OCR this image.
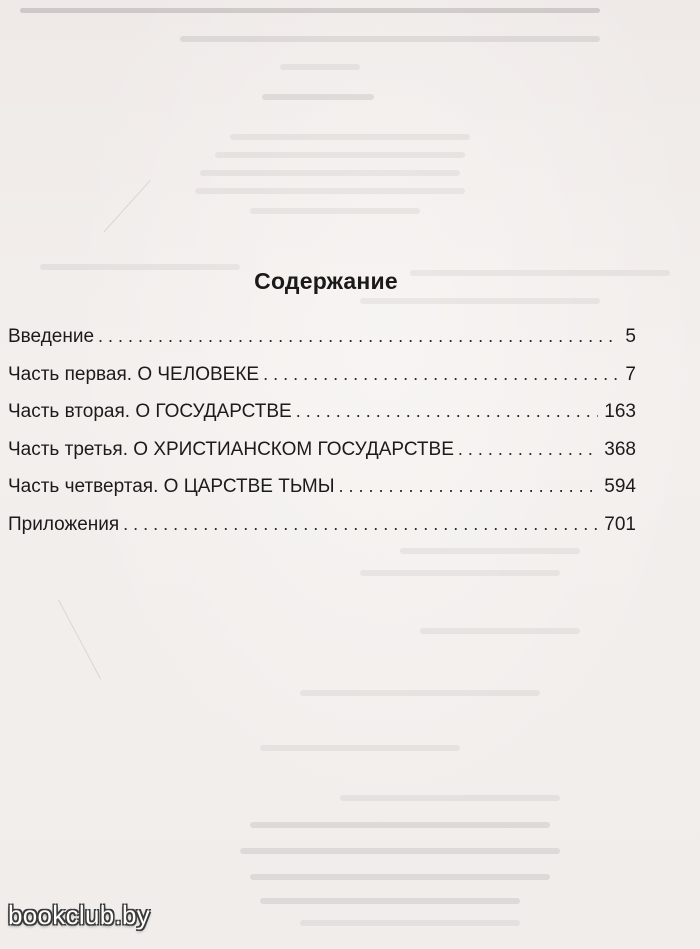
Содержание
Введение . . .	5
Часть первая. О ЧЕЛОВЕКЕ . . .	7
Часть вторая. О ГОСУДАРСТВЕ . . .	163
Часть третья. О ХРИСТИАНСКОМ ГОСУДАРСТВЕ . . .	368
Часть четвертая. О ЦАРСТВЕ ТЬМЫ . . .	594
Приложения . . .	701
bookclub.by
